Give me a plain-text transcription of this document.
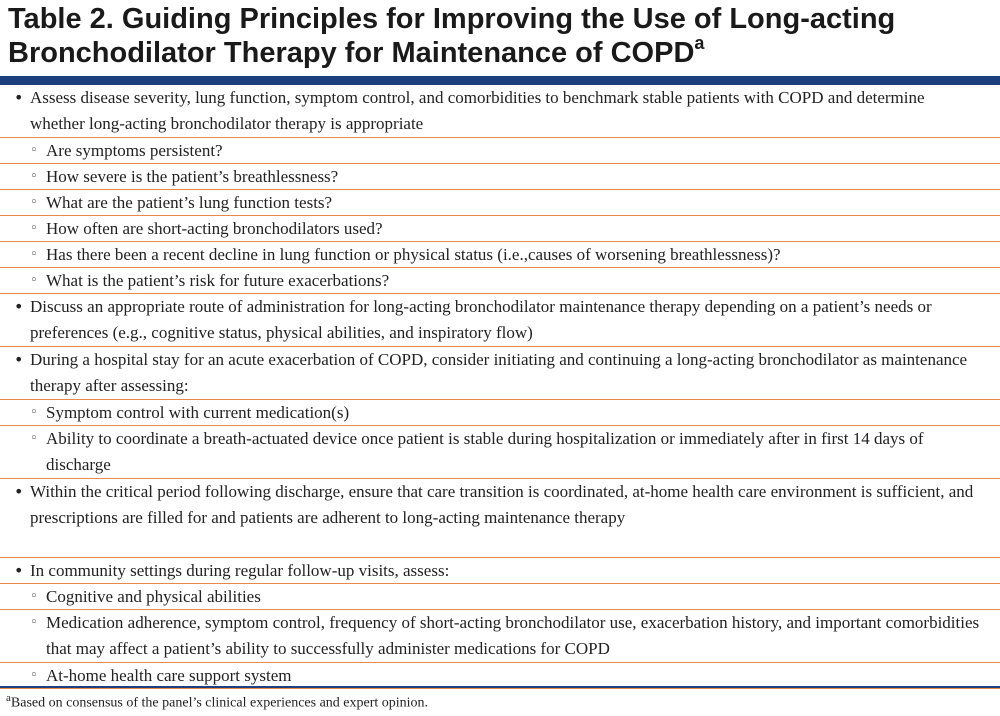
Table 2. Guiding Principles for Improving the Use of Long-acting Bronchodilator Therapy for Maintenance of COPD$^a$
• Assess disease severity, lung function, symptom control, and comorbidities to benchmark stable patients with COPD and determine whether long-acting bronchodilator therapy is appropriate
◦ Are symptoms persistent?
◦ How severe is the patient’s breathlessness?
◦ What are the patient’s lung function tests?
◦ How often are short-acting bronchodilators used?
◦ Has there been a recent decline in lung function or physical status (i.e.,causes of worsening breathlessness)?
◦ What is the patient’s risk for future exacerbations?
• Discuss an appropriate route of administration for long-acting bronchodilator maintenance therapy depending on a patient’s needs or preferences (e.g., cognitive status, physical abilities, and inspiratory flow)
• During a hospital stay for an acute exacerbation of COPD, consider initiating and continuing a long-acting bronchodilator as maintenance therapy after assessing:
◦ Symptom control with current medication(s)
◦ Ability to coordinate a breath-actuated device once patient is stable during hospitalization or immediately after in first 14 days of discharge
• Within the critical period following discharge, ensure that care transition is coordinated, at-home health care environment is sufficient, and prescriptions are filled for and patients are adherent to long-acting maintenance therapy
• In community settings during regular follow-up visits, assess:
◦ Cognitive and physical abilities
◦ Medication adherence, symptom control, frequency of short-acting bronchodilator use, exacerbation history, and important comorbidities that may affect a patient’s ability to successfully administer medications for COPD
◦ At-home health care support system
$^a$Based on consensus of the panel’s clinical experiences and expert opinion.
